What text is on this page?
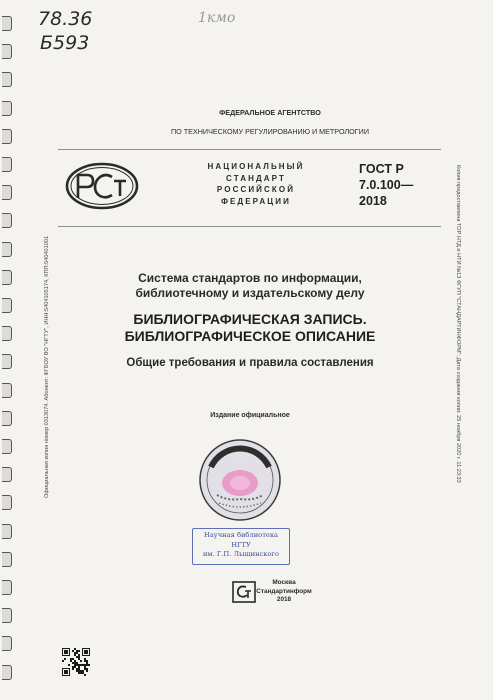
78.36
Б593
1кмо
ФЕДЕРАЛЬНОЕ АГЕНТСТВО
ПО ТЕХНИЧЕСКОМУ РЕГУЛИРОВАНИЮ И МЕТРОЛОГИИ
НАЦИОНАЛЬНЫЙ
СТАНДАРТ
РОССИЙСКОЙ
ФЕДЕРАЦИИ
ГОСТ Р
7.0.100—
2018
Система стандартов по информации,
библиотечному и издательскому делу
БИБЛИОГРАФИЧЕСКАЯ ЗАПИСЬ.
БИБЛИОГРАФИЧЕСКОЕ ОПИСАНИЕ
Общие требования и правила составления
Издание официальное
Научная библиотека
НГТУ
им. Г.П. Лыщинского
Москва
Стандартинформ
2018
Официальная копия номер 0313074. Абонент: ФГБОУ ВО "НГТУ", ИНН:5404105174, КПП:540401001	Копия предоставлена ТОР НТД и НТИ №13 ФГУП "СТАНДАРТИНФОРМ". Дата создания копии: 25 ноября 2020 г. 11:23:33
